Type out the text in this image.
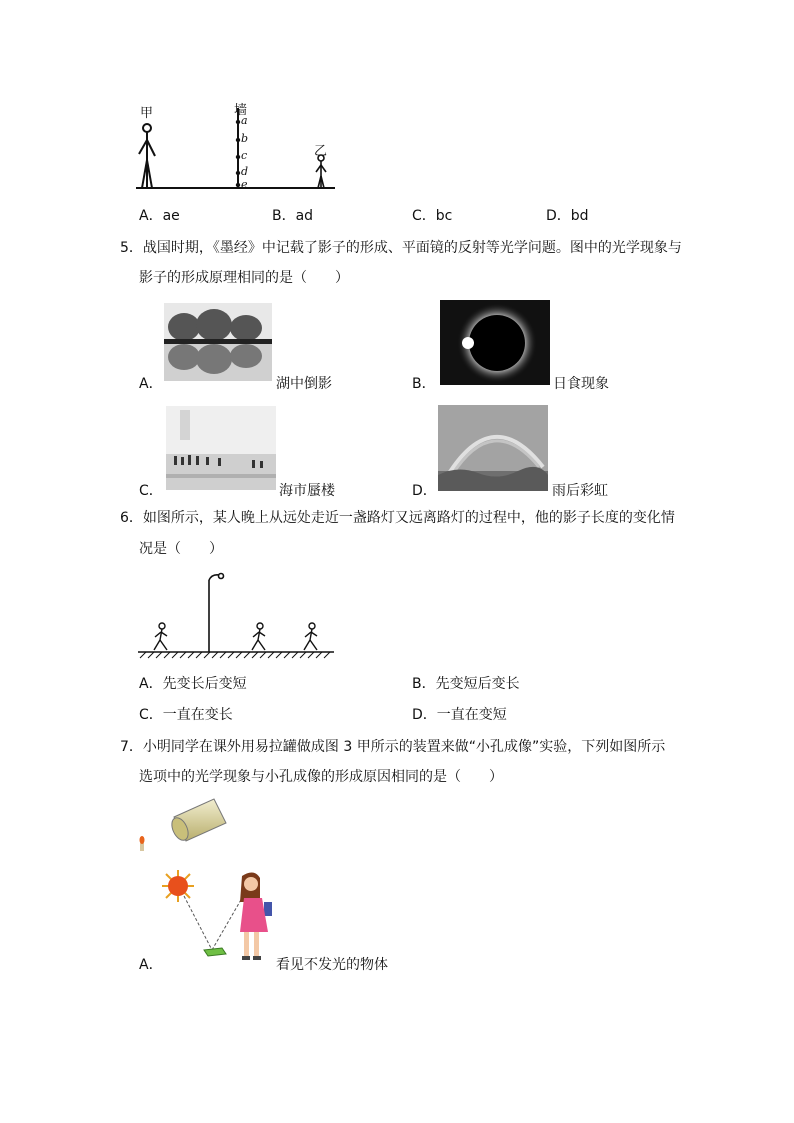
甲	墙
乙
a
b
c
d
e
A．ae	B．ad	C．bc	D．bd
5．战国时期，《墨经》中记载了影子的形成、平面镜的反射等光学问题。图中的光学现象与
影子的形成原理相同的是（　　）
A．	湖中倒影	B．	日食现象
C．	海市蜃楼	D．	雨后彩虹
6．如图所示，某人晚上从远处走近一盏路灯又远离路灯的过程中，他的影子长度的变化情
况是（　　）
A．先变长后变短	B．先变短后变长
C．一直在变长	D．一直在变短
7．小明同学在课外用易拉罐做成图 3 甲所示的装置来做“小孔成像”实验，下列如图所示
选项中的光学现象与小孔成像的形成原因相同的是（　　）
A．	看见不发光的物体
